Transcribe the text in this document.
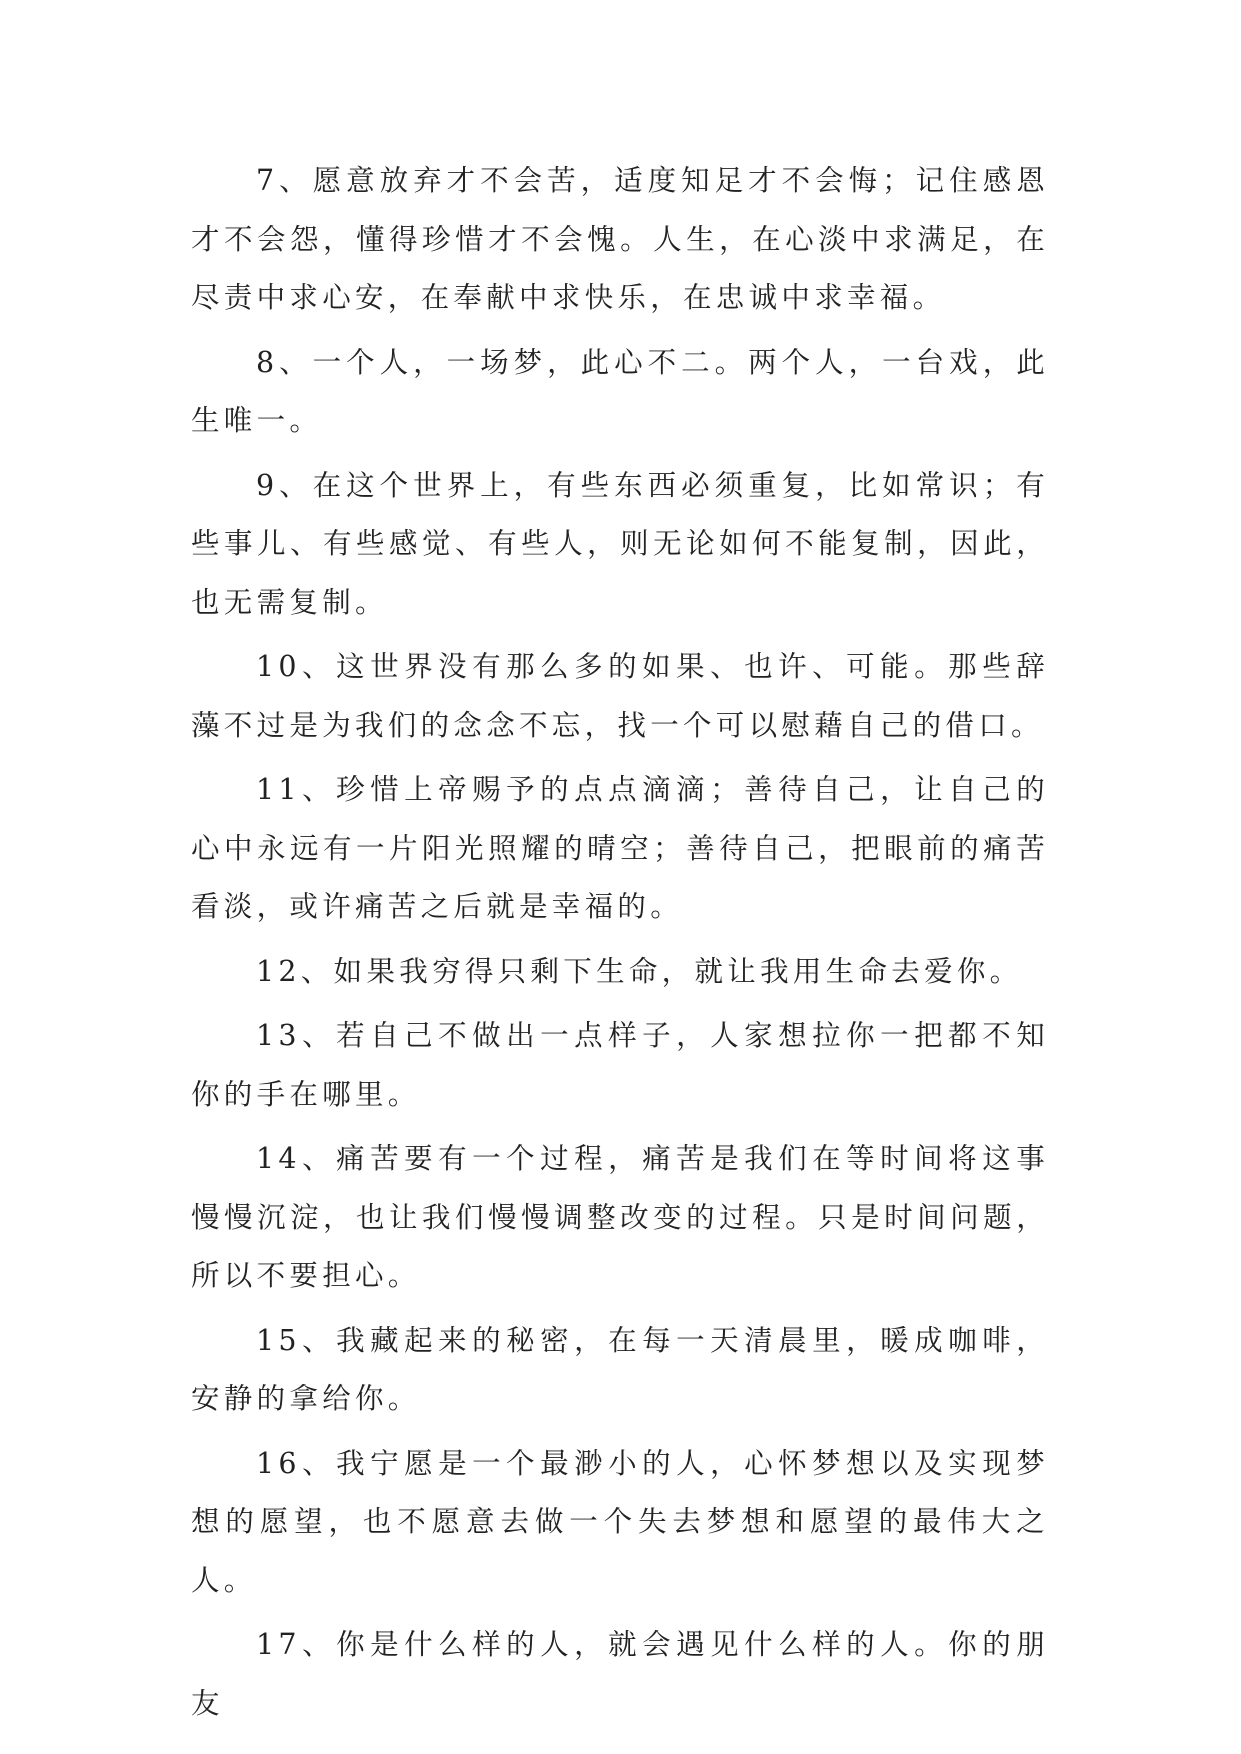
7、愿意放弃才不会苦，适度知足才不会悔；记住感恩才不会怨，懂得珍惜才不会愧。人生，在心淡中求满足，在尽责中求心安，在奉献中求快乐，在忠诚中求幸福。

8、一个人，一场梦，此心不二。两个人，一台戏，此生唯一。

9、在这个世界上，有些东西必须重复，比如常识；有些事儿、有些感觉、有些人，则无论如何不能复制，因此，也无需复制。

10、这世界没有那么多的如果、也许、可能。那些辞藻不过是为我们的念念不忘，找一个可以慰藉自己的借口。

11、珍惜上帝赐予的点点滴滴；善待自己，让自己的心中永远有一片阳光照耀的晴空；善待自己，把眼前的痛苦看淡，或许痛苦之后就是幸福的。

12、如果我穷得只剩下生命，就让我用生命去爱你。

13、若自己不做出一点样子，人家想拉你一把都不知你的手在哪里。

14、痛苦要有一个过程，痛苦是我们在等时间将这事慢慢沉淀，也让我们慢慢调整改变的过程。只是时间问题，所以不要担心。

15、我藏起来的秘密，在每一天清晨里，暖成咖啡，安静的拿给你。

16、我宁愿是一个最渺小的人，心怀梦想以及实现梦想的愿望，也不愿意去做一个失去梦想和愿望的最伟大之人。

17、你是什么样的人，就会遇见什么样的人。你的朋友
